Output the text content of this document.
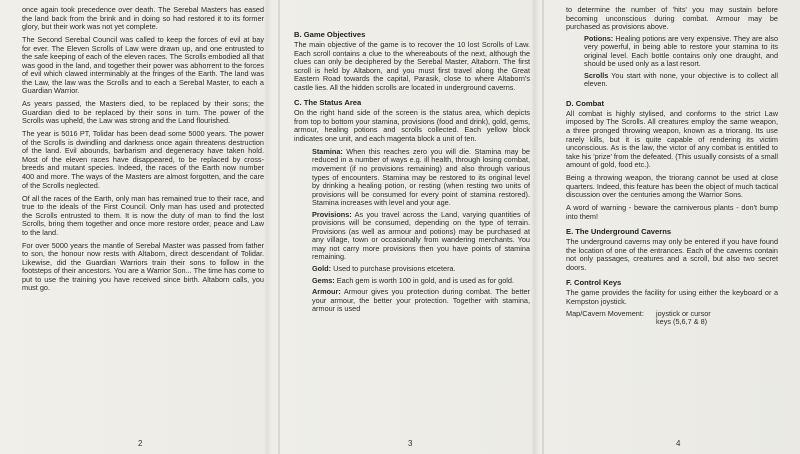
once again took precedence over death. The Serebal Masters has eased the land back from the brink and in doing so had restored it to its former glory, but their work was not yet complete.

The Second Serebal Council was called to keep the forces of evil at bay for ever. The Eleven Scrolls of Law were drawn up, and one entrusted to the safe keeping of each of the eleven races. The Scrolls embodied all that was good in the land, and together their power was abhorrent to the forces of evil which clawed interminably at the fringes of the Earth. The land was the Law, the law was the Scrolls and to each a Serebal Master, to each a Guardian Warrior.

As years passed, the Masters died, to be replaced by their sons; the Guardian died to be replaced by their sons in turn. The power of the Scrolls was upheld, the Law was strong and the Land flourished.

The year is 5016 PT, Tolidar has been dead some 5000 years. The power of the Scrolls is dwindling and darkness once again threatens destruction of the land. Evil abounds, barbarism and degeneracy have taken hold. Most of the eleven races have disappeared, to be replaced by cross-breeds and mutant species. Indeed, the races of the Earth now number 400 and more. The ways of the Masters are almost forgotten, and the care of the Scrolls neglected.

Of all the races of the Earth, only man has remained true to their race, and true to the ideals of the First Council. Only man has used and protected the Scrolls entrusted to them. It is now the duty of man to find the lost Scrolls, bring them together and once more restore order, peace and Law to the land.

For over 5000 years the mantle of Serebal Master was passed from father to son, the honour now rests with Altaborn, direct descendant of Tolidar. Likewise, did the Guardian Warriors train their sons to follow in the footsteps of their ancestors. You are a Warrior Son... The time has come to put to use the training you have received since birth. Altaborn calls, you must go.

2
B. Game Objectives

The main objective of the game is to recover the 10 lost Scrolls of Law. Each scroll contains a clue to the whereabouts of the next, although the clues can only be deciphered by the Serebal Master, Altaborn. The first scroll is held by Altaborn, and you must first travel along the Great Eastern Road towards the capital, Parasik, close to where Altaborn's castle lies. All the hidden scrolls are located in underground caverns.

C. The Status Area

On the right hand side of the screen is the status area, which depicts from top to bottom your stamina, provisions (food and drink), gold, gems, armour, healing potions and scrolls collected. Each yellow block indicates one unit, and each magenta block a unit of ten.

Stamina: When this reaches zero you will die. Stamina may be reduced in a number of ways e.g. ill health, through losing combat, movement (if no provisions remaining) and also through various types of encounters. Stamina may be restored to its original level by drinking a healing potion, or resting (when resting two units of provisions will be consumed for every point of stamina restored). Stamina increases with level and your age.

Provisions: As you travel across the Land, varying quantities of provisions will be consumed, depending on the type of terrain. Provisions (as well as armour and potions) may be purchased at any village, town or occasionally from wandering merchants. You may not carry more provisions then you have points of stamina remaining.

Gold: Used to purchase provisions etcetera.

Gems: Each gem is worth 100 in gold, and is used as for gold.

Armour: Armour gives you protection during combat. The better your armour, the better your protection. Together with stamina, armour is used

3

to determine the number of 'hits' you may sustain before becoming unconscious during combat. Armour may be purchased as provisions above.

Potions: Healing potions are very expensive. They are also very powerful, in being able to restore your stamina to its original level. Each bottle contains only one draught, and should be used only as a last resort.

Scrolls You start with none, your objective is to collect all eleven.

D. Combat

All combat is highly stylised, and conforms to the strict Law imposed by The Scrolls. All creatures employ the same weapon, a three pronged throwing weapon, known as a triorang. Its use rarely kills, but it is quite capable of rendering its victim unconscious. As is the law, the victor of any combat is entitled to take his 'prize' from the defeated. (This usually consists of a small amount of gold, food etc.).

Being a throwing weapon, the triorang cannot be used at close quarters. Indeed, this feature has been the object of much tactical discussion over the centuries among the Warrior Sons.

A word of warning - beware the carniverous plants - don't bump into them!

E. The Underground Caverns

The underground caverns may only be entered if you have found the location of one of the entrances. Each of the caverns contain not only passages, creatures and a scroll, but also two secret doors.

F. Control Keys

The game provides the facility for using either the keyboard or a Kempston joystick.

Map/Cavern Movement:	joystick or cursor
keys (5,6,7 & 8)
4
